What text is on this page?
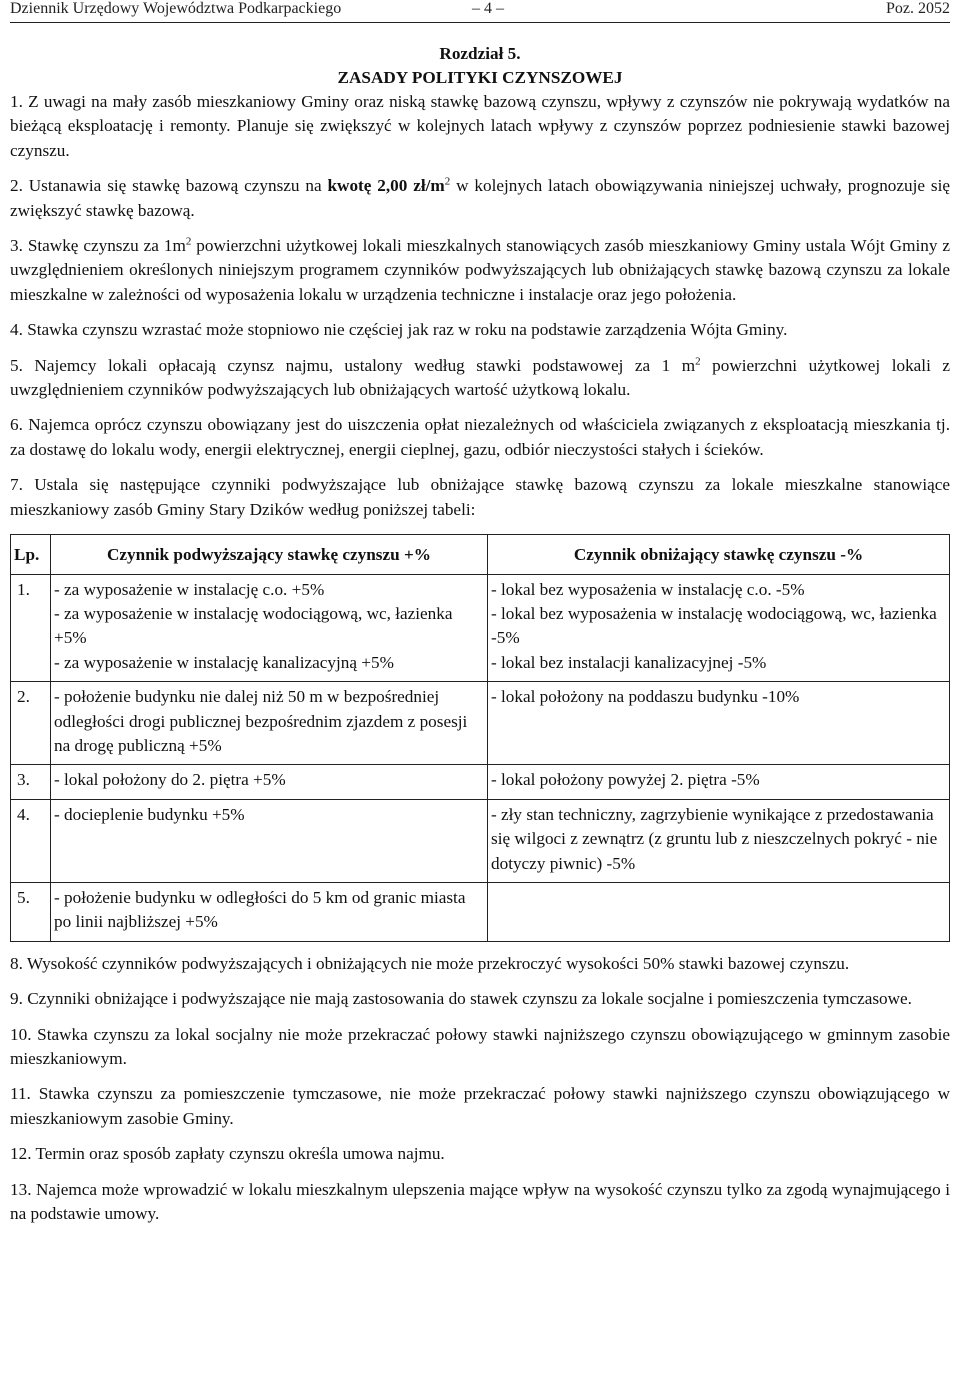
Dziennik Urzędowy Województwa Podkarpackiego	– 4 –	Poz. 2052
Rozdział 5.
ZASADY POLITYKI CZYNSZOWEJ

1. Z uwagi na mały zasób mieszkaniowy Gminy oraz niską stawkę bazową czynszu, wpływy z czynszów nie pokrywają wydatków na bieżącą eksploatację i remonty. Planuje się zwiększyć w kolejnych latach wpływy z czynszów poprzez podniesienie stawki bazowej czynszu.

2. Ustanawia się stawkę bazową czynszu na kwotę 2,00 $zł/m^2$ w kolejnych latach obowiązywania niniejszej uchwały, prognozuje się zwiększyć stawkę bazową.

3. Stawkę czynszu za $1m^2$ powierzchni użytkowej lokali mieszkalnych stanowiących zasób mieszkaniowy Gminy ustala Wójt Gminy z uwzględnieniem określonych niniejszym programem czynników podwyższających lub obniżających stawkę bazową czynszu za lokale mieszkalne w zależności od wyposażenia lokalu w urządzenia techniczne i instalacje oraz jego położenia.

4. Stawka czynszu wzrastać może stopniowo nie częściej jak raz w roku na podstawie zarządzenia Wójta Gminy.

5. Najemcy lokali opłacają czynsz najmu, ustalony według stawki podstawowej za 1 $m^2$ powierzchni użytkowej lokali z uwzględnieniem czynników podwyższających lub obniżających wartość użytkową lokalu.

6. Najemca oprócz czynszu obowiązany jest do uiszczenia opłat niezależnych od właściciela związanych z eksploatacją mieszkania tj. za dostawę do lokalu wody, energii elektrycznej, energii cieplnej, gazu, odbiór nieczystości stałych i ścieków.

7. Ustala się następujące czynniki podwyższające lub obniżające stawkę bazową czynszu za lokale mieszkalne stanowiące mieszkaniowy zasób Gminy Stary Dzików według poniższej tabeli:

Lp.	Czynnik podwyższający stawkę czynszu +%	Czynnik obniżający stawkę czynszu -%
1.	- za wyposażenie w instalację c.o. +5%
- za wyposażenie w instalację wodociągową, wc, łazienka +5%
- za wyposażenie w instalację kanalizacyjną +5%	- lokal bez wyposażenia w instalację c.o. -5%
- lokal bez wyposażenia w instalację wodociągową, wc, łazienka -5%
- lokal bez instalacji kanalizacyjnej -5%

2.	- położenie budynku nie dalej niż 50 m w bezpośredniej odległości drogi publicznej bezpośrednim zjazdem z posesji na drogę publiczną +5%	- lokal położony na poddaszu budynku -10%

3.	- lokal położony do 2. piętra +5%	- lokal położony powyżej 2. piętra -5%

4.	- docieplenie budynku +5%	- zły stan techniczny, zagrzybienie wynikające z przedostawania się wilgoci z zewnątrz (z gruntu lub z nieszczelnych pokryć - nie dotyczy piwnic) -5%

5.	- położenie budynku w odległości do 5 km od granic miasta po linii najbliższej +5%	

8. Wysokość czynników podwyższających i obniżających nie może przekroczyć wysokości 50% stawki bazowej czynszu.

9. Czynniki obniżające i podwyższające nie mają zastosowania do stawek czynszu za lokale socjalne i pomieszczenia tymczasowe.

10. Stawka czynszu za lokal socjalny nie może przekraczać połowy stawki najniższego czynszu obowiązującego w gminnym zasobie mieszkaniowym.

11. Stawka czynszu za pomieszczenie tymczasowe, nie może przekraczać połowy stawki najniższego czynszu obowiązującego w mieszkaniowym zasobie Gminy.

12. Termin oraz sposób zapłaty czynszu określa umowa najmu.

13. Najemca może wprowadzić w lokalu mieszkalnym ulepszenia mające wpływ na wysokość czynszu tylko za zgodą wynajmującego i na podstawie umowy.
